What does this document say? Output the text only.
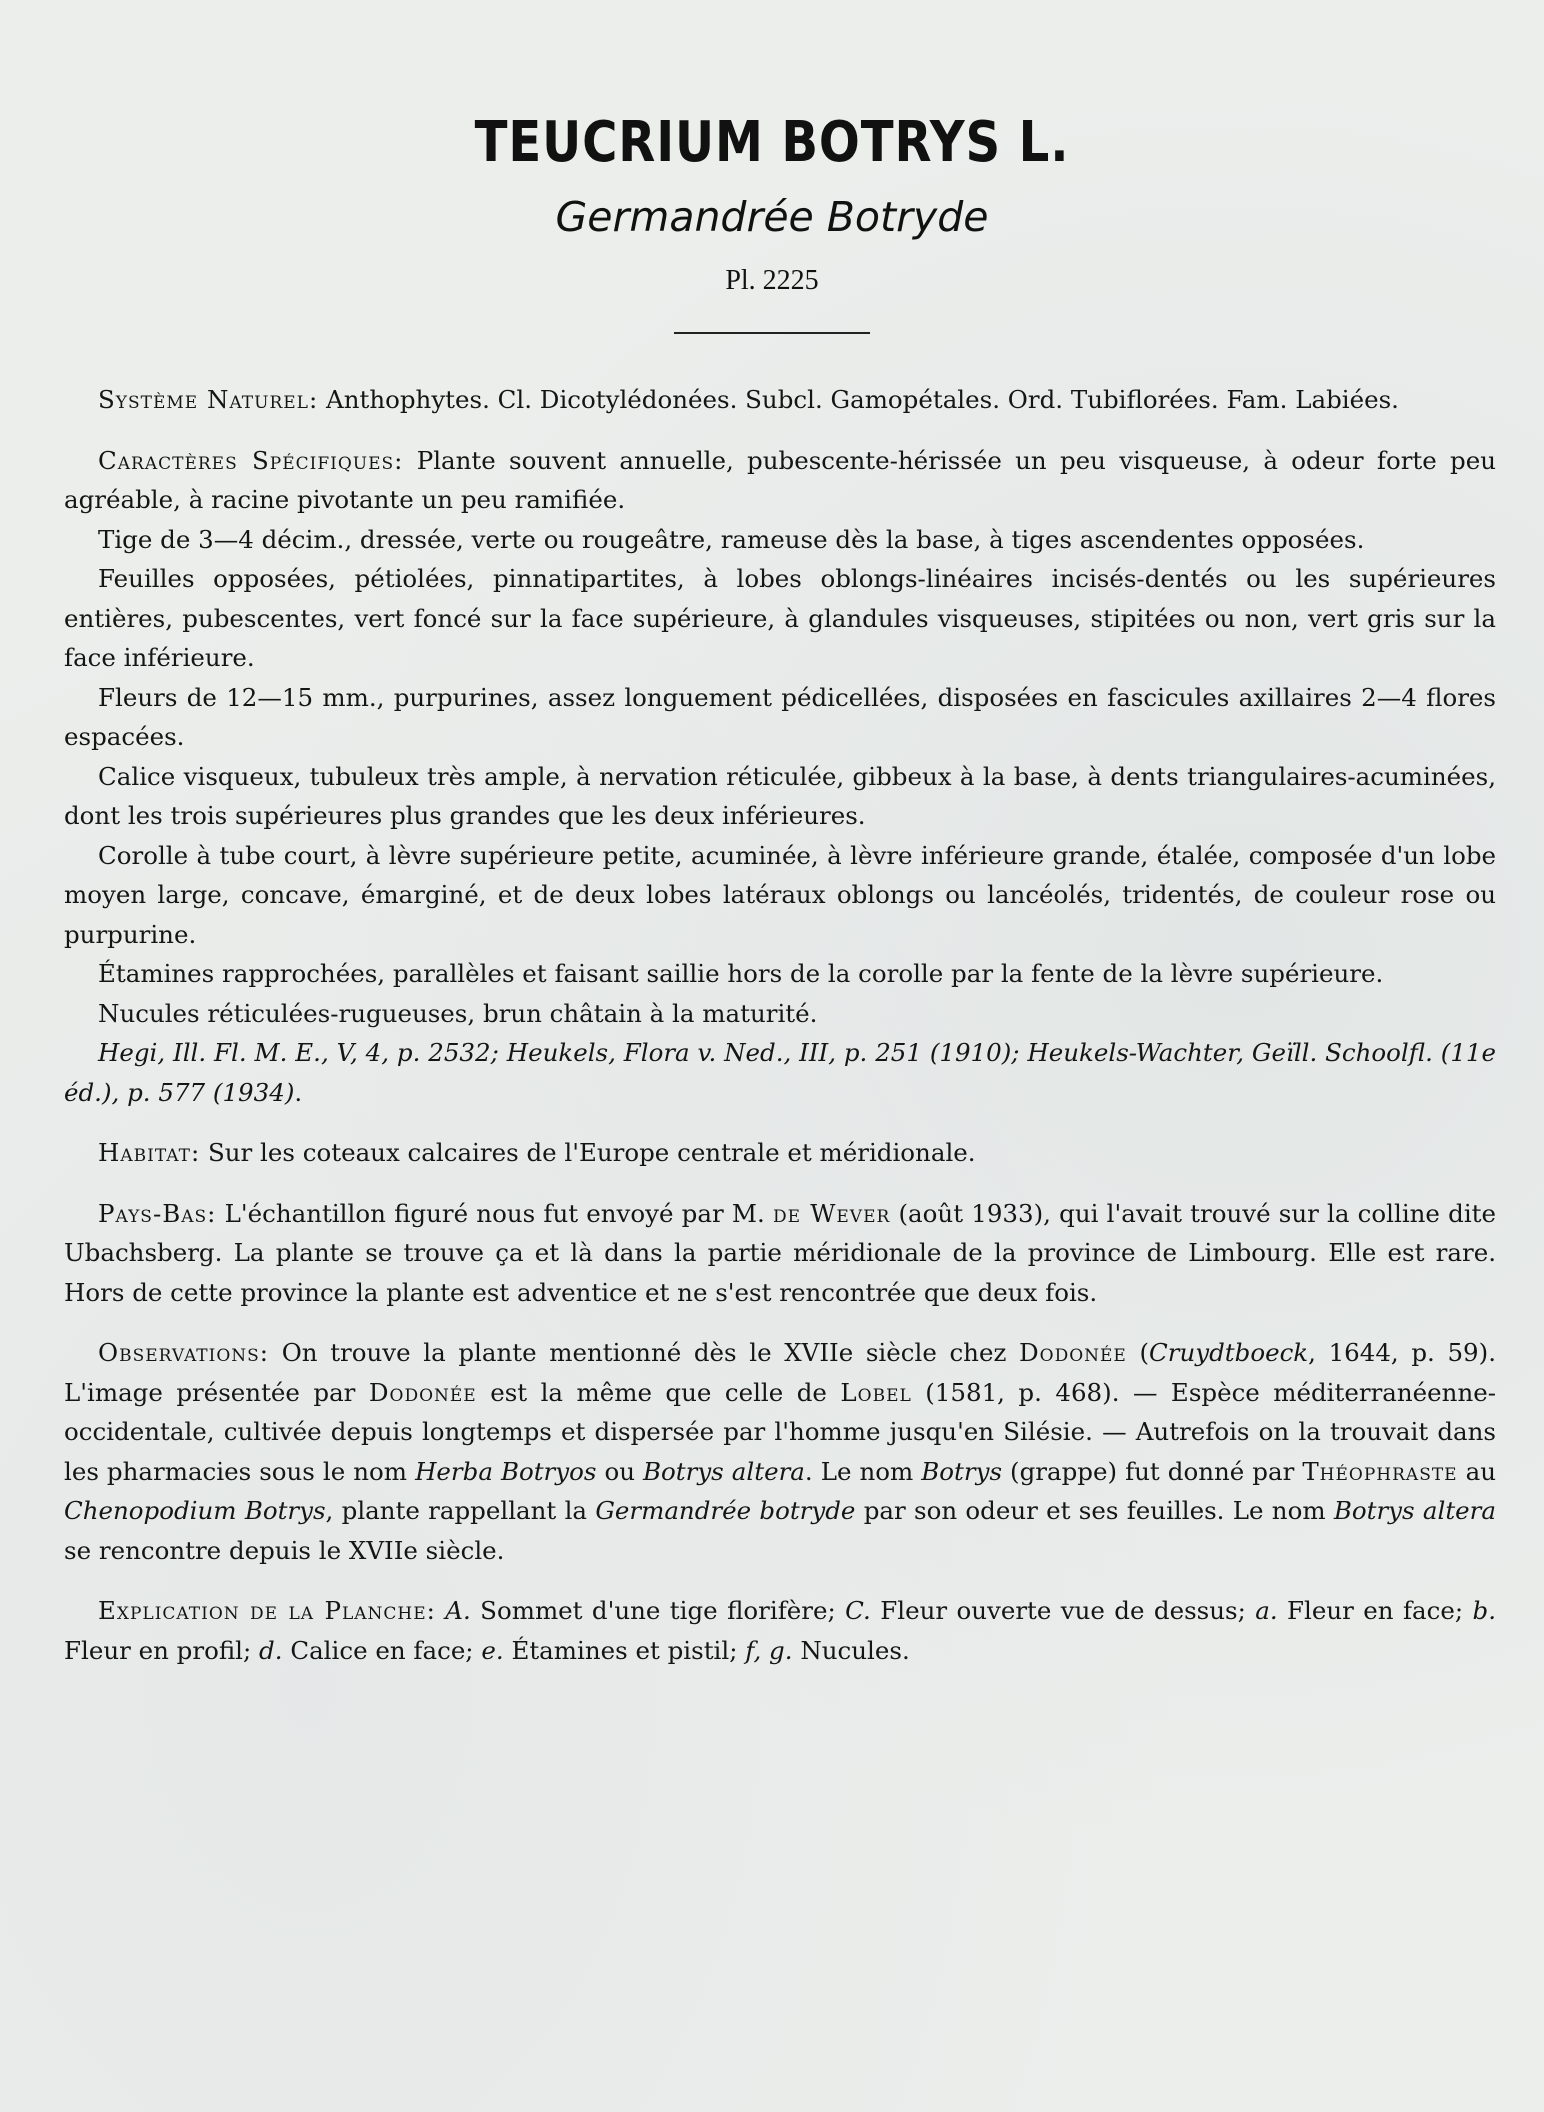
TEUCRIUM BOTRYS L.
Germandrée Botryde
Pl. 2225

Système Naturel: Anthophytes. Cl. Dicotylédonées. Subcl. Gamopétales. Ord. Tubiflorées. Fam. Labiées.

Caractères Spécifiques: Plante souvent annuelle, pubescente-hérissée un peu visqueuse, à odeur forte peu agréable, à racine pivotante un peu ramifiée.

Tige de 3—4 décim., dressée, verte ou rougeâtre, rameuse dès la base, à tiges ascendentes opposées.

Feuilles opposées, pétiolées, pinnatipartites, à lobes oblongs-linéaires incisés-dentés ou les supérieures entières, pubescentes, vert foncé sur la face supérieure, à glandules visqueuses, stipitées ou non, vert gris sur la face inférieure.

Fleurs de 12—15 mm., purpurines, assez longuement pédicellées, disposées en fascicules axillaires 2—4 flores espacées.

Calice visqueux, tubuleux très ample, à nervation réticulée, gibbeux à la base, à dents triangulaires-acuminées, dont les trois supérieures plus grandes que les deux inférieures.

Corolle à tube court, à lèvre supérieure petite, acuminée, à lèvre inférieure grande, étalée, composée d'un lobe moyen large, concave, émarginé, et de deux lobes latéraux oblongs ou lancéolés, tridentés, de couleur rose ou purpurine.

Étamines rapprochées, parallèles et faisant saillie hors de la corolle par la fente de la lèvre supérieure.

Nucules réticulées-rugueuses, brun châtain à la maturité.

Hegi, Ill. Fl. M. E., V, 4, p. 2532; Heukels, Flora v. Ned., III, p. 251 (1910); Heukels-Wachter, Geïll. Schoolfl. (11e éd.), p. 577 (1934).

Habitat: Sur les coteaux calcaires de l'Europe centrale et méridionale.

Pays-Bas: L'échantillon figuré nous fut envoyé par M. de Wever (août 1933), qui l'avait trouvé sur la colline dite Ubachsberg. La plante se trouve ça et là dans la partie méridionale de la province de Limbourg. Elle est rare. Hors de cette province la plante est adventice et ne s'est rencontrée que deux fois.

Observations: On trouve la plante mentionné dès le XVIIe siècle chez Dodonée (Cruydtboeck, 1644, p. 59). L'image présentée par Dodonée est la même que celle de Lobel (1581, p. 468). — Espèce méditerranéenne-occidentale, cultivée depuis longtemps et dispersée par l'homme jusqu'en Silésie. — Autrefois on la trouvait dans les pharmacies sous le nom Herba Botryos ou Botrys altera. Le nom Botrys (grappe) fut donné par Théophraste au Chenopodium Botrys, plante rappellant la Germandrée botryde par son odeur et ses feuilles. Le nom Botrys altera se rencontre depuis le XVIIe siècle.

Explication de la Planche: A. Sommet d'une tige florifère; C. Fleur ouverte vue de dessus; a. Fleur en face; b. Fleur en profil; d. Calice en face; e. Étamines et pistil; f, g. Nucules.
